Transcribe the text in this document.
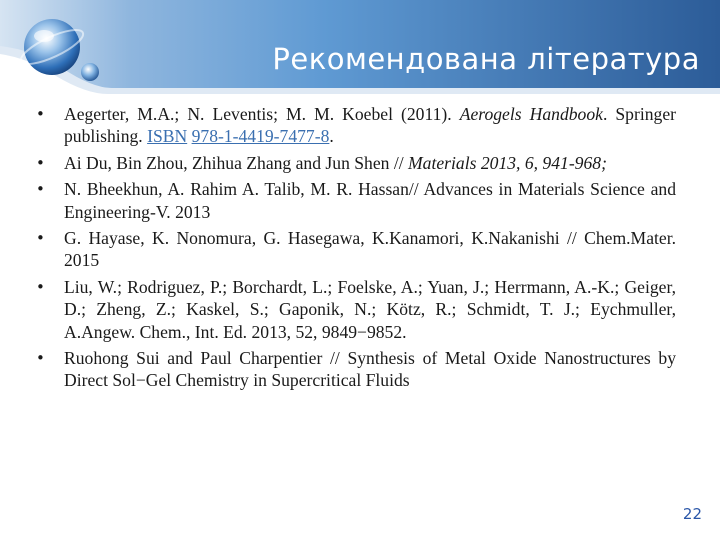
Рекомендована література
• Aegerter, M.A.; N. Leventis; M. M. Koebel (2011). Aerogels Handbook. Springer publishing. ISBN 978-1-4419-7477-8.
• Ai Du, Bin Zhou, Zhihua Zhang and Jun Shen // Materials 2013, 6, 941-968;
• N. Bheekhun, A. Rahim A. Talib, M. R. Hassan// Advances in Materials Science and Engineering-V. 2013
• G. Hayase, K. Nonomura, G. Hasegawa, K.Kanamori, K.Nakanishi // Chem.Mater. 2015
• Liu, W.; Rodriguez, P.; Borchardt, L.; Foelske, A.; Yuan, J.; Herrmann, A.-K.; Geiger, D.; Zheng, Z.; Kaskel, S.; Gaponik, N.; Kötz, R.; Schmidt, T. J.; Eychmuller, A.Angew. Chem., Int. Ed. 2013, 52, 9849−9852.
• Ruohong Sui and Paul Charpentier // Synthesis of Metal Oxide Nanostructures by Direct Sol−Gel Chemistry in Supercritical Fluids
22
